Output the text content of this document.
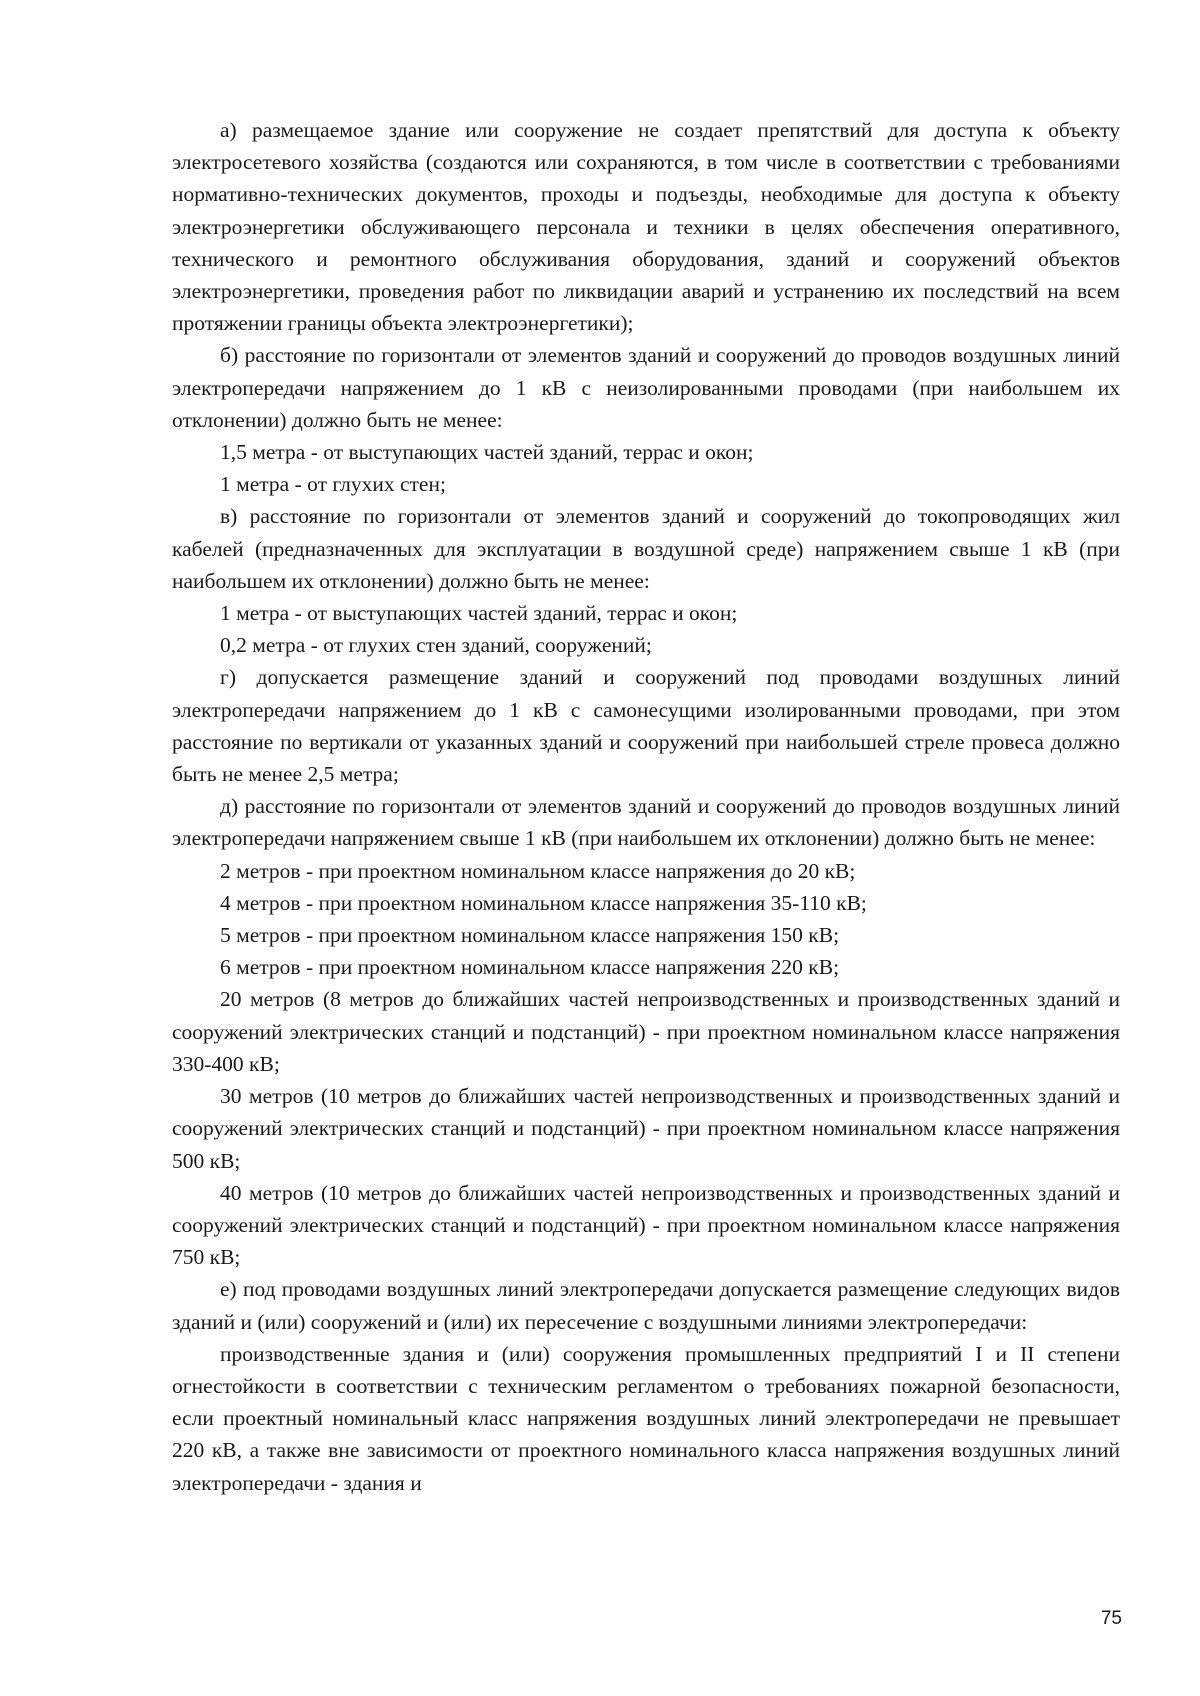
а) размещаемое здание или сооружение не создает препятствий для доступа к объекту электросетевого хозяйства (создаются или сохраняются, в том числе в соответствии с требованиями нормативно-технических документов, проходы и подъезды, необходимые для доступа к объекту электроэнергетики обслуживающего персонала и техники в целях обеспечения оперативного, технического и ремонтного обслуживания оборудования, зданий и сооружений объектов электроэнергетики, проведения работ по ликвидации аварий и устранению их последствий на всем протяжении границы объекта электроэнергетики);

б) расстояние по горизонтали от элементов зданий и сооружений до проводов воздушных линий электропередачи напряжением до 1 кВ с неизолированными проводами (при наибольшем их отклонении) должно быть не менее:

1,5 метра - от выступающих частей зданий, террас и окон;

1 метра - от глухих стен;

в) расстояние по горизонтали от элементов зданий и сооружений до токопроводящих жил кабелей (предназначенных для эксплуатации в воздушной среде) напряжением свыше 1 кВ (при наибольшем их отклонении) должно быть не менее:

1 метра - от выступающих частей зданий, террас и окон;

0,2 метра - от глухих стен зданий, сооружений;

г) допускается размещение зданий и сооружений под проводами воздушных линий электропередачи напряжением до 1 кВ с самонесущими изолированными проводами, при этом расстояние по вертикали от указанных зданий и сооружений при наибольшей стреле провеса должно быть не менее 2,5 метра;

д) расстояние по горизонтали от элементов зданий и сооружений до проводов воздушных линий электропередачи напряжением свыше 1 кВ (при наибольшем их отклонении) должно быть не менее:

2 метров - при проектном номинальном классе напряжения до 20 кВ;

4 метров - при проектном номинальном классе напряжения 35-110 кВ;

5 метров - при проектном номинальном классе напряжения 150 кВ;

6 метров - при проектном номинальном классе напряжения 220 кВ;

20 метров (8 метров до ближайших частей непроизводственных и производственных зданий и сооружений электрических станций и подстанций) - при проектном номинальном классе напряжения 330-400 кВ;

30 метров (10 метров до ближайших частей непроизводственных и производственных зданий и сооружений электрических станций и подстанций) - при проектном номинальном классе напряжения 500 кВ;

40 метров (10 метров до ближайших частей непроизводственных и производственных зданий и сооружений электрических станций и подстанций) - при проектном номинальном классе напряжения 750 кВ;

е) под проводами воздушных линий электропередачи допускается размещение следующих видов зданий и (или) сооружений и (или) их пересечение с воздушными линиями электропередачи:

производственные здания и (или) сооружения промышленных предприятий I и II степени огнестойкости в соответствии с техническим регламентом о требованиях пожарной безопасности, если проектный номинальный класс напряжения воздушных линий электропередачи не превышает 220 кВ, а также вне зависимости от проектного номинального класса напряжения воздушных линий электропередачи - здания и

75
